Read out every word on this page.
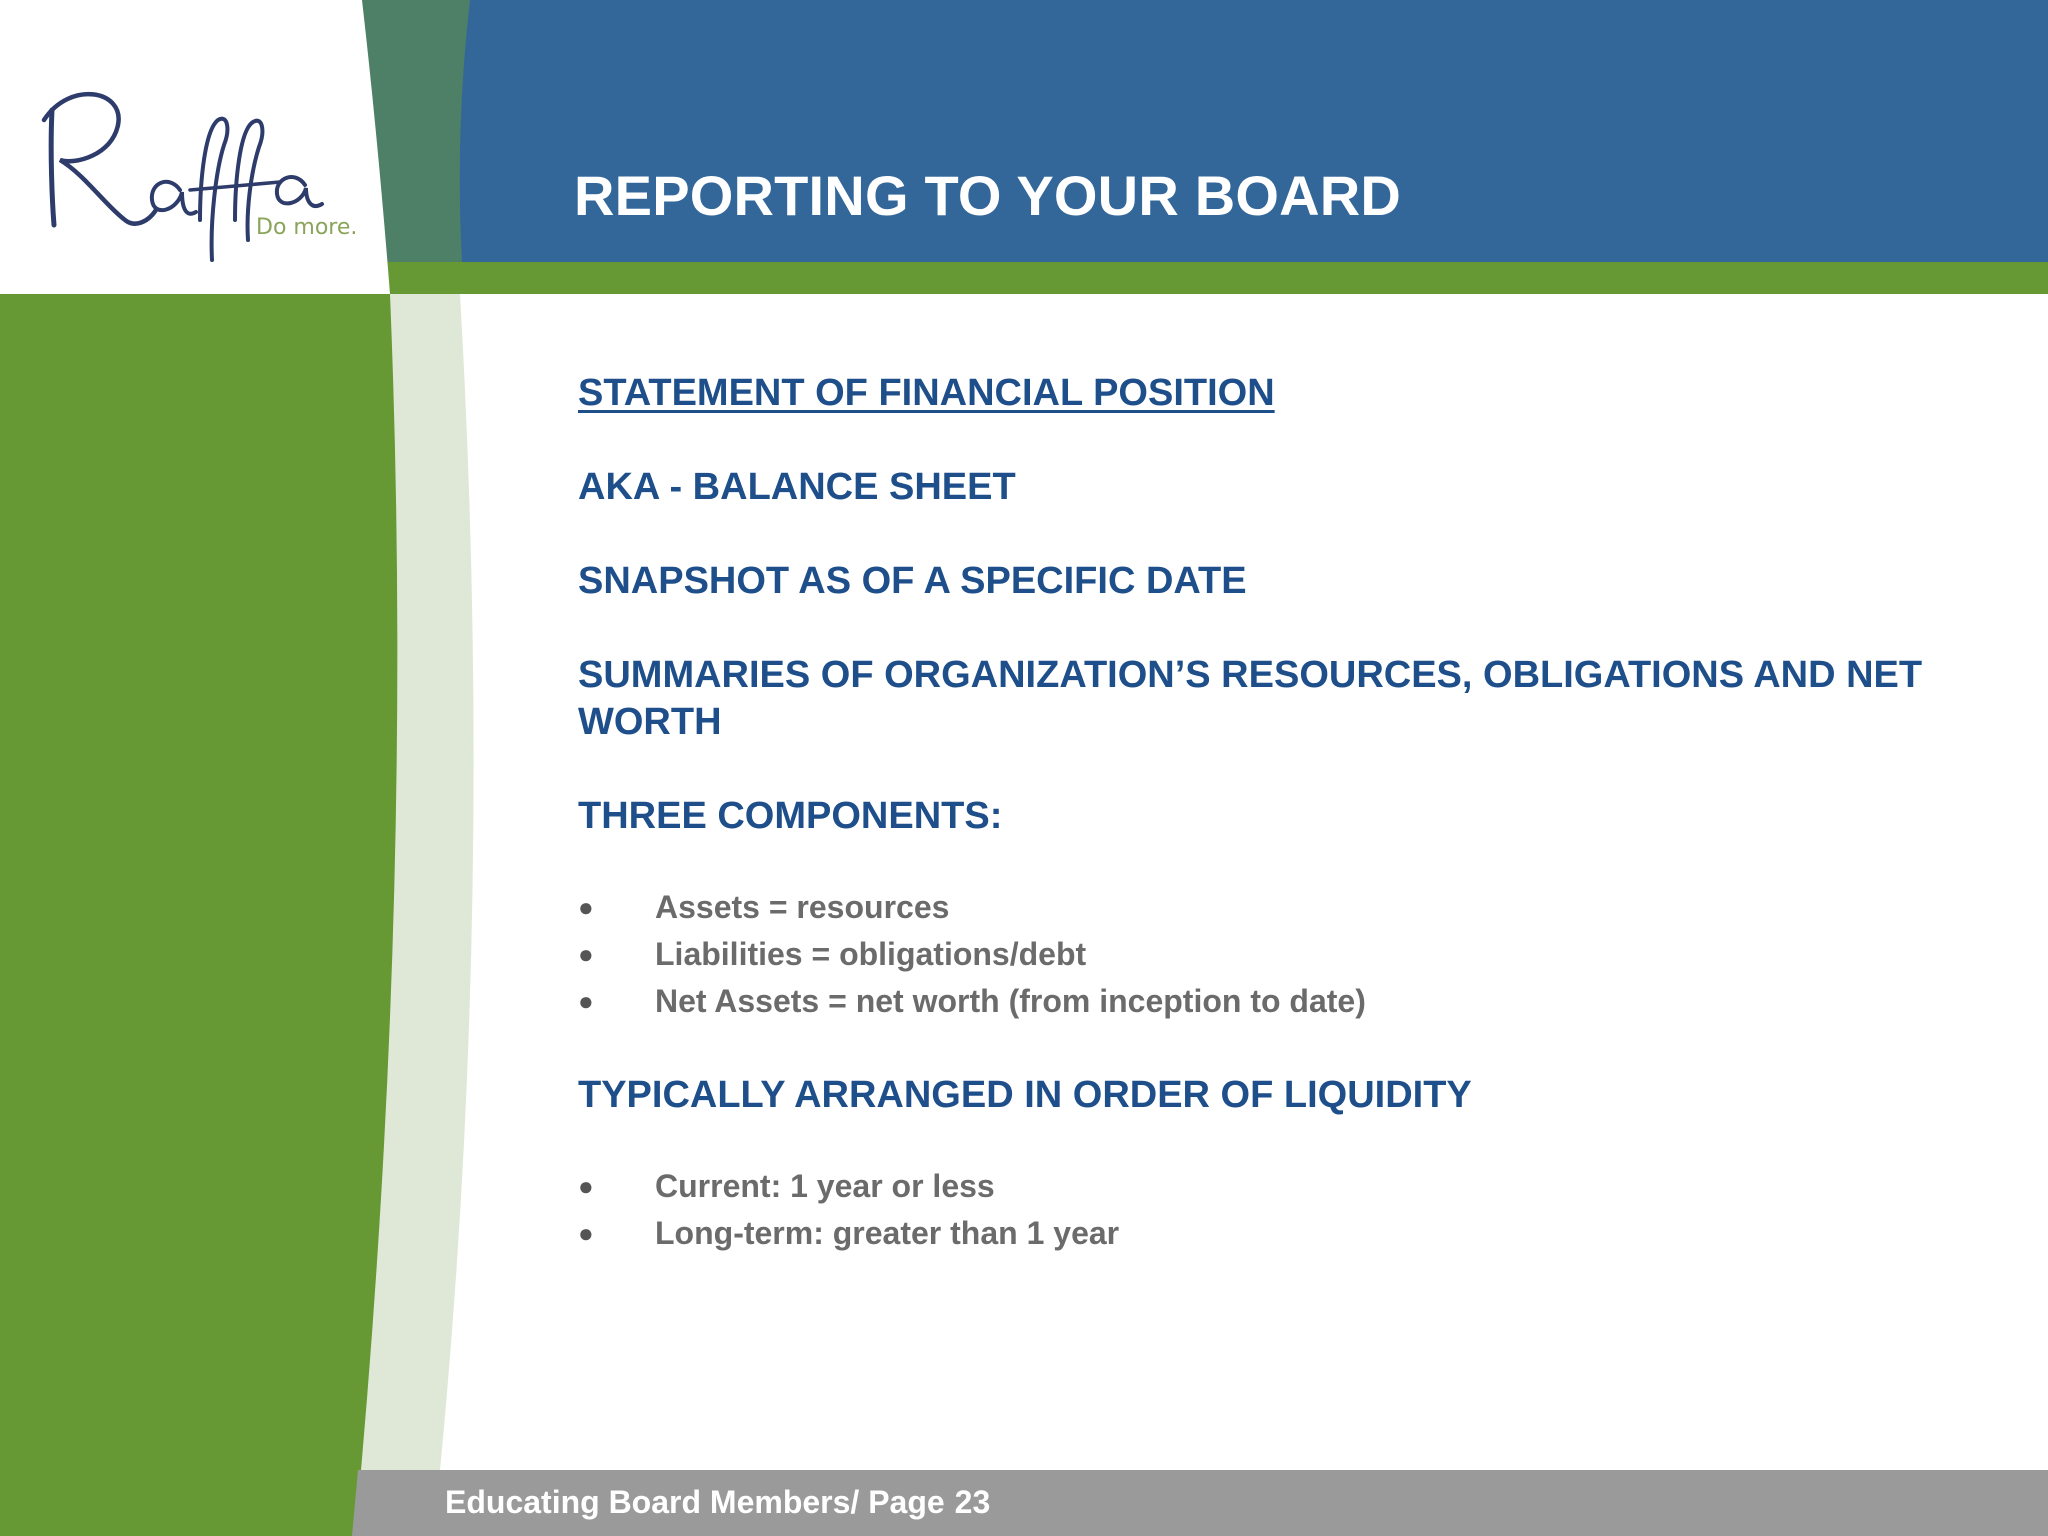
Do more.
REPORTING TO YOUR BOARD

STATEMENT OF FINANCIAL POSITION

AKA - BALANCE SHEET

SNAPSHOT AS OF A SPECIFIC DATE

SUMMARIES OF ORGANIZATION’S RESOURCES, OBLIGATIONS AND NET WORTH

THREE COMPONENTS:

● Assets = resources
● Liabilities = obligations/debt
● Net Assets = net worth (from inception to date)

TYPICALLY ARRANGED IN ORDER OF LIQUIDITY

● Current: 1 year or less
● Long-term: greater than 1 year
Educating Board Members/ Page 23
